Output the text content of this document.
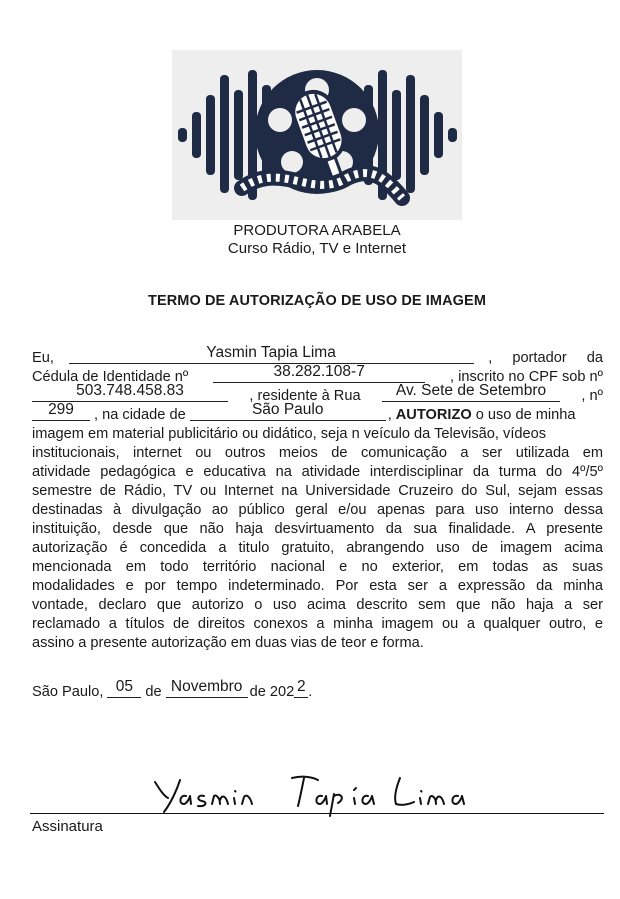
PRODUTORA ARABELA
Curso Rádio, TV e Internet
TERMO DE AUTORIZAÇÃO DE USO DE IMAGEM
Eu,	Yasmin Tapia Lima	, portador da
Cédula de Identidade nº	38.282.108-7	, inscrito no CPF sob nº
503.748.458.83	, residente à Rua	Av. Sete de Setembro	, nº
299	, na cidade de	São Paulo	, AUTORIZO o uso de minha
imagem em material publicitário ou didático, seja n veículo da Televisão, vídeos
institucionais, internet ou outros meios de comunicação a ser utilizada em
atividade pedagógica e educativa na atividade interdisciplinar da turma do 4º/5º
semestre de Rádio, TV ou Internet na Universidade Cruzeiro do Sul, sejam essas
destinadas à divulgação ao público geral e/ou apenas para uso interno dessa
instituição, desde que não haja desvirtuamento da sua finalidade. A presente
autorização é concedida a titulo gratuito, abrangendo uso de imagem acima
mencionada em todo território nacional e no exterior, em todas as suas
modalidades e por tempo indeterminado. Por esta ser a expressão da minha
vontade, declaro que autorizo o uso acima descrito sem que não haja a ser
reclamado a títulos de direitos conexos a minha imagem ou a qualquer outro, e
assino a presente autorização em duas vias de teor e forma.
São Paulo, 05 de Novembro de 202 2 .
Assinatura
